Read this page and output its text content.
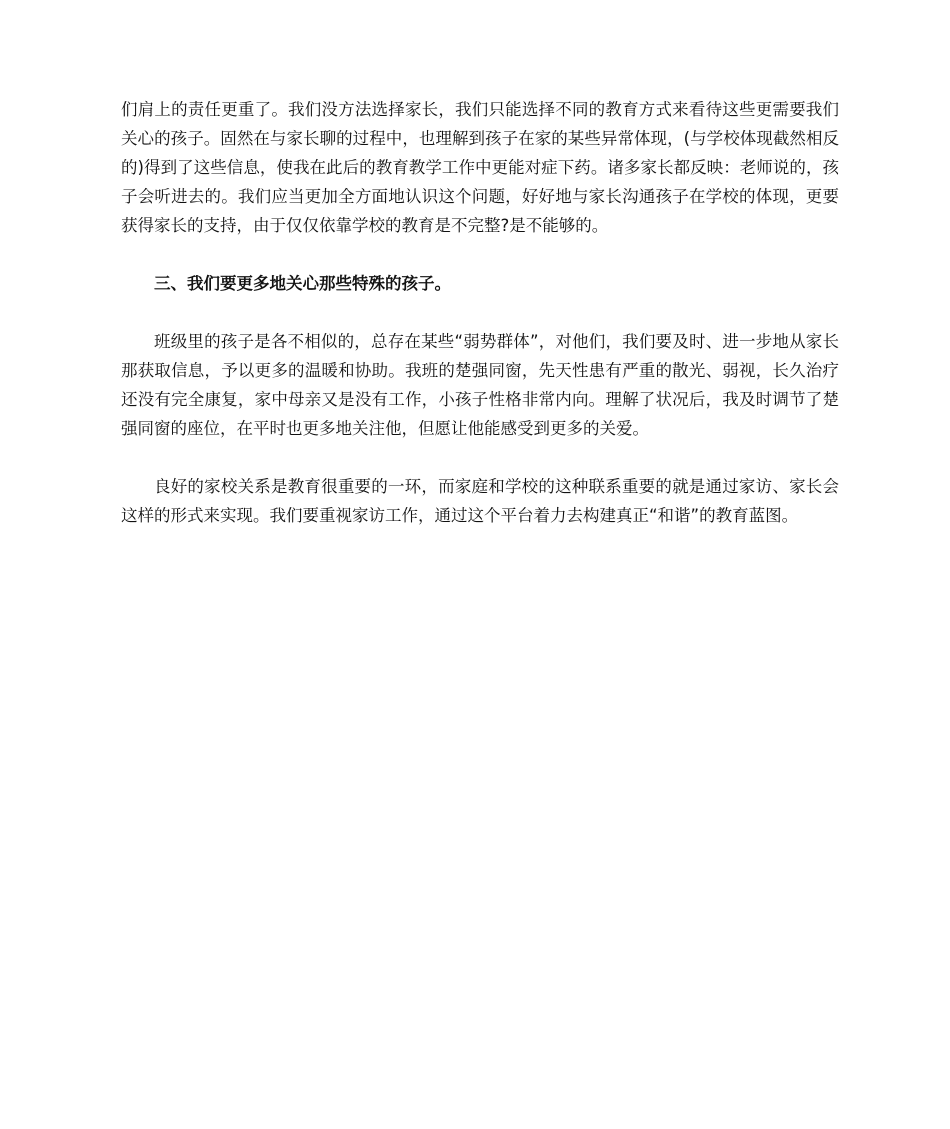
们肩上的责任更重了。我们没方法选择家长，我们只能选择不同的教育方式来看待这些更需要我们关心的孩子。固然在与家长聊的过程中，也理解到孩子在家的某些异常体现，(与学校体现截然相反的)得到了这些信息，使我在此后的教育教学工作中更能对症下药。诸多家长都反映：老师说的，孩子会听进去的。我们应当更加全方面地认识这个问题，好好地与家长沟通孩子在学校的体现，更要获得家长的支持，由于仅仅依靠学校的教育是不完整?是不能够的。

三、我们要更多地关心那些特殊的孩子。

班级里的孩子是各不相似的，总存在某些“弱势群体”，对他们，我们要及时、进一步地从家长那获取信息，予以更多的温暖和协助。我班的楚强同窗，先天性患有严重的散光、弱视，长久治疗还没有完全康复，家中母亲又是没有工作，小孩子性格非常内向。理解了状况后，我及时调节了楚强同窗的座位，在平时也更多地关注他，但愿让他能感受到更多的关爱。

良好的家校关系是教育很重要的一环，而家庭和学校的这种联系重要的就是通过家访、家长会这样的形式来实现。我们要重视家访工作，通过这个平台着力去构建真正“和谐”的教育蓝图。
